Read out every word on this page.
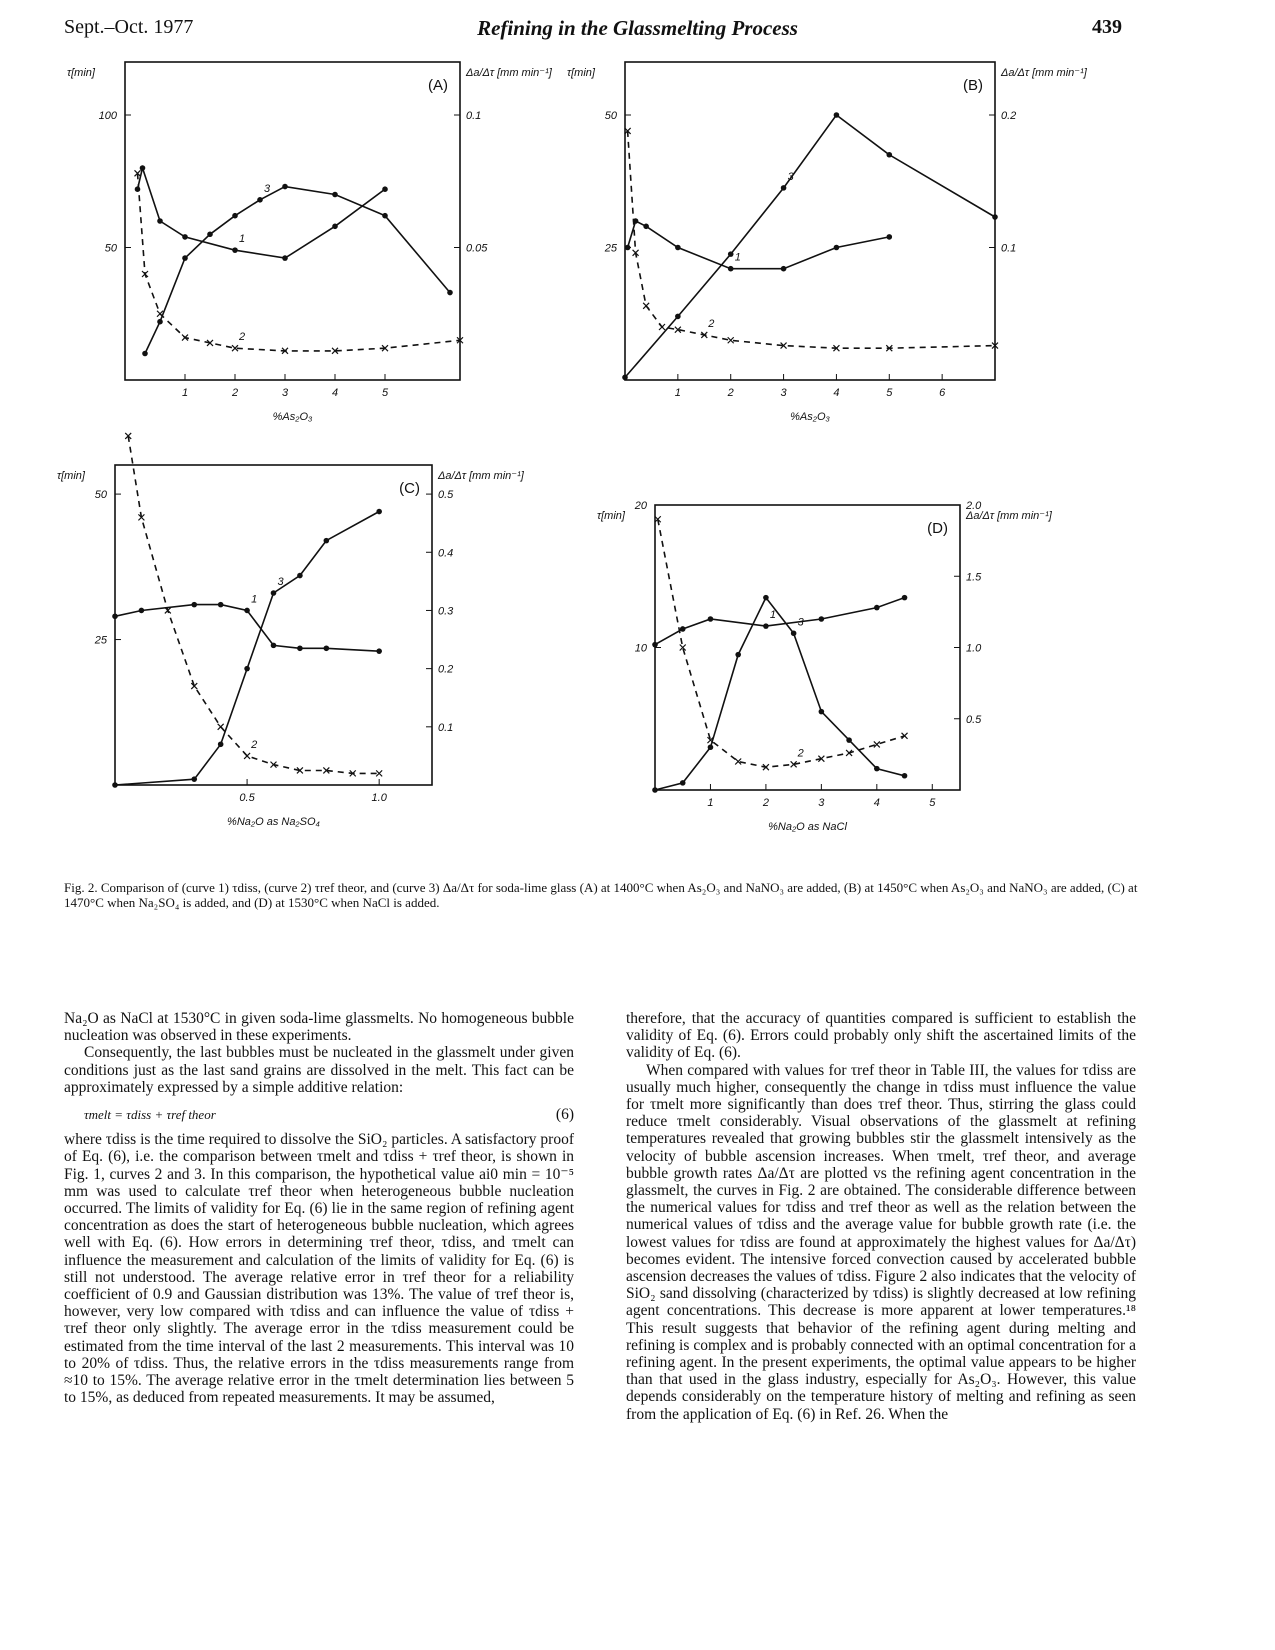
Sept.–Oct. 1977	Refining in the Glassmelting Process	439
(A)
1	2	3	4	5
50
100
0.05
0.1
%As₂O₃
τ[min]	Δa/Δτ [mm min⁻¹]
1
2
3
(B)
1	2	3	4	5	6
25
50
0.1
0.2
%As₂O₃
τ[min]	Δa/Δτ [mm min⁻¹]
1
2
3
(C)
0.5	1.0
25
50
0.1
0.2
0.3
0.4
0.5
%Na₂O as Na₂SO₄
τ[min]	Δa/Δτ [mm min⁻¹]
1
2
3
(D)
1	2	3	4	5
10
20
0.5
1.0
1.5
2.0
%Na₂O as NaCl
τ[min]	Δa/Δτ [mm min⁻¹]
1
2
3
Fig. 2. Comparison of (curve 1) τdiss, (curve 2) τref theor, and (curve 3) Δa/Δτ for soda-lime glass (A) at 1400°C when As₂O₃ and NaNO₃ are added, (B) at 1450°C when As₂O₃ and NaNO₃ are added, (C) at 1470°C when Na₂SO₄ is added, and (D) at 1530°C when NaCl is added.

Na₂O as NaCl at 1530°C in given soda-lime glassmelts. No homogeneous bubble nucleation was observed in these experiments.

Consequently, the last bubbles must be nucleated in the glassmelt under given conditions just as the last sand grains are dissolved in the melt. This fact can be approximately expressed by a simple additive relation:

τmelt = τdiss + τref theor	(6)

where τdiss is the time required to dissolve the SiO₂ particles. A satisfactory proof of Eq. (6), i.e. the comparison between τmelt and τdiss + τref theor, is shown in Fig. 1, curves 2 and 3. In this comparison, the hypothetical value ai0 min = 10⁻⁵ mm was used to calculate τref theor when heterogeneous bubble nucleation occurred. The limits of validity for Eq. (6) lie in the same region of refining agent concentration as does the start of heterogeneous bubble nucleation, which agrees well with Eq. (6). How errors in determining τref theor, τdiss, and τmelt can influence the measurement and calculation of the limits of validity for Eq. (6) is still not understood. The average relative error in τref theor for a reliability coefficient of 0.9 and Gaussian distribution was 13%. The value of τref theor is, however, very low compared with τdiss and can influence the value of τdiss + τref theor only slightly. The average error in the τdiss measurement could be estimated from the time interval of the last 2 measurements. This interval was 10 to 20% of τdiss. Thus, the relative errors in the τdiss measurements range from ≈10 to 15%. The average relative error in the τmelt determination lies between 5 to 15%, as deduced from repeated measurements. It may be assumed,

therefore, that the accuracy of quantities compared is sufficient to establish the validity of Eq. (6). Errors could probably only shift the ascertained limits of the validity of Eq. (6).

When compared with values for τref theor in Table III, the values for τdiss are usually much higher, consequently the change in τdiss must influence the value for τmelt more significantly than does τref theor. Thus, stirring the glass could reduce τmelt considerably. Visual observations of the glassmelt at refining temperatures revealed that growing bubbles stir the glassmelt intensively as the velocity of bubble ascension increases. When τmelt, τref theor, and average bubble growth rates Δa/Δτ are plotted vs the refining agent concentration in the glassmelt, the curves in Fig. 2 are obtained. The considerable difference between the numerical values for τdiss and τref theor as well as the relation between the numerical values of τdiss and the average value for bubble growth rate (i.e. the lowest values for τdiss are found at approximately the highest values for Δa/Δτ) becomes evident. The intensive forced convection caused by accelerated bubble ascension decreases the values of τdiss. Figure 2 also indicates that the velocity of SiO₂ sand dissolving (characterized by τdiss) is slightly decreased at low refining agent concentrations. This decrease is more apparent at lower temperatures.¹⁸ This result suggests that behavior of the refining agent during melting and refining is complex and is probably connected with an optimal concentration for a refining agent. In the present experiments, the optimal value appears to be higher than that used in the glass industry, especially for As₂O₃. However, this value depends considerably on the temperature history of melting and refining as seen from the application of Eq. (6) in Ref. 26. When the
